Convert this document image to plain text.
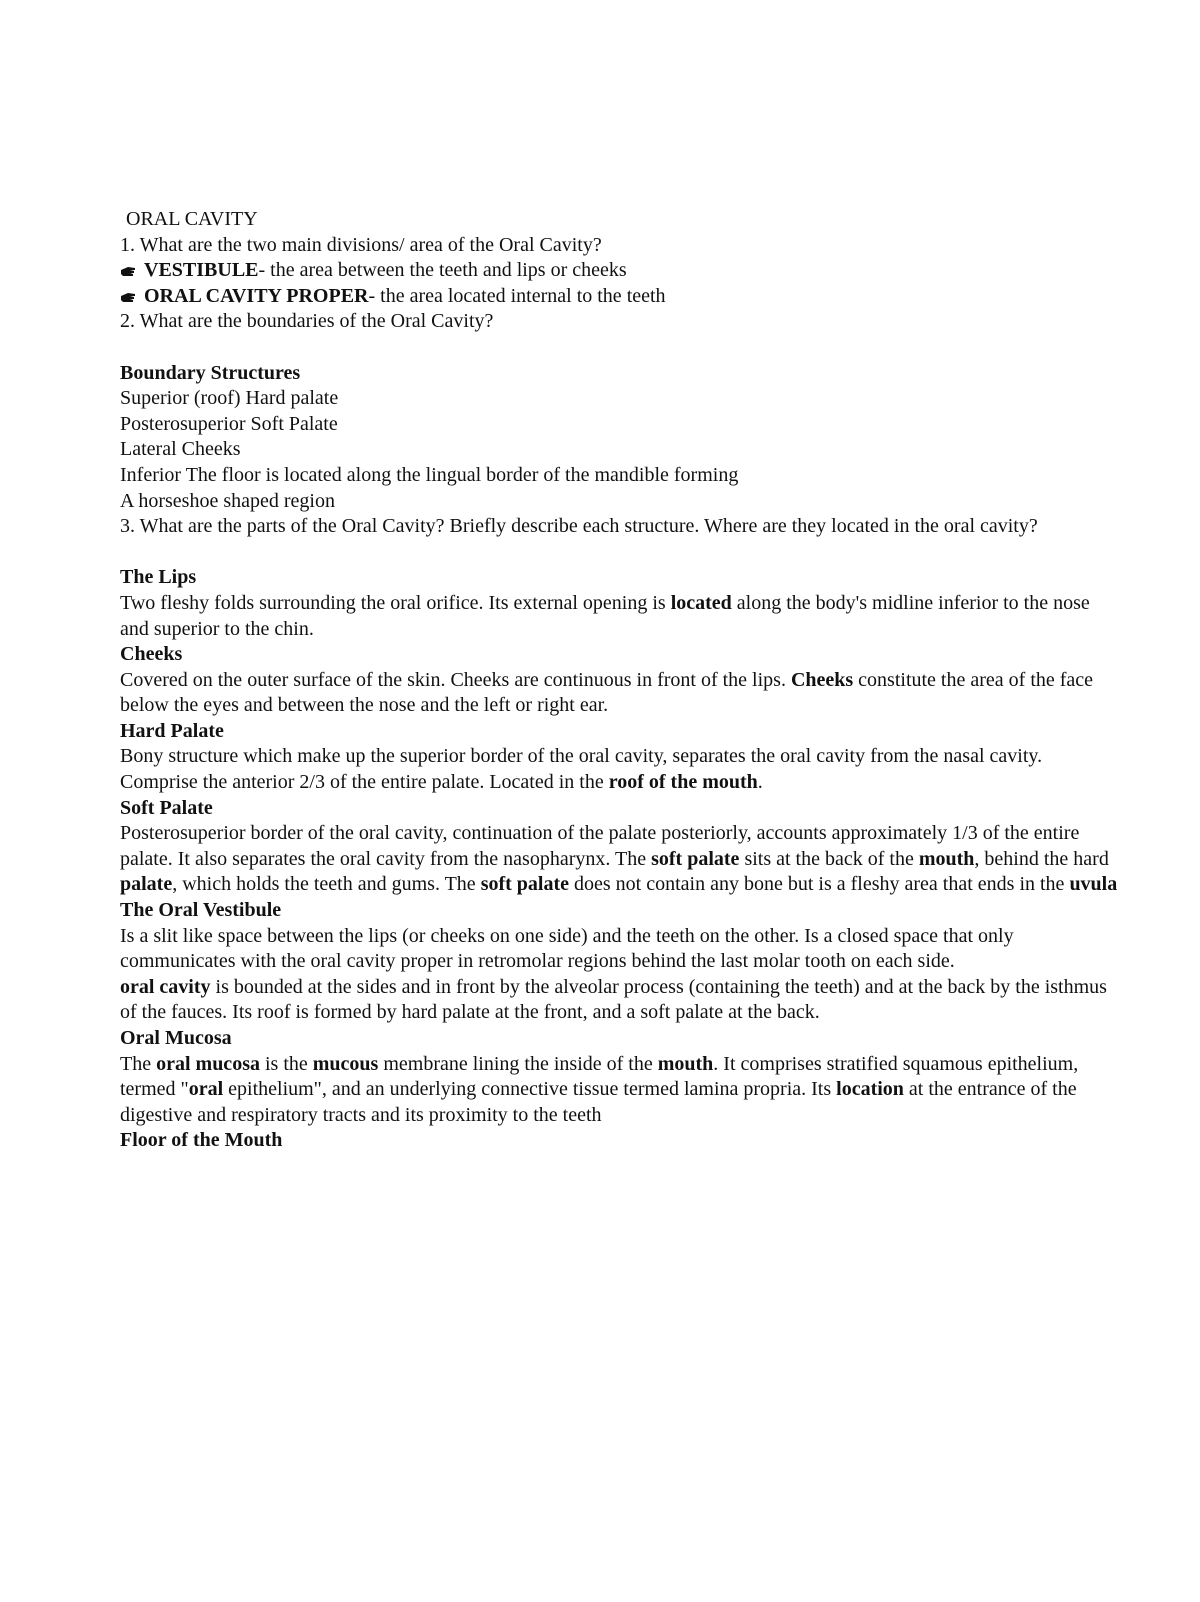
ORAL CAVITY
1. What are the two main divisions/ area of the Oral Cavity?
VESTIBULE- the area between the teeth and lips or cheeks
ORAL CAVITY PROPER- the area located internal to the teeth
2. What are the boundaries of the Oral Cavity?
Boundary Structures
Superior (roof) Hard palate
Posterosuperior Soft Palate
Lateral Cheeks
Inferior The floor is located along the lingual border of the mandible forming
A horseshoe shaped region
3. What are the parts of the Oral Cavity? Briefly describe each structure. Where are they located in the oral cavity?
The Lips
Two fleshy folds surrounding the oral orifice. Its external opening is located along the body's midline inferior to the nose and superior to the chin.
Cheeks
Covered on the outer surface of the skin. Cheeks are continuous in front of the lips. Cheeks constitute the area of the face below the eyes and between the nose and the left or right ear.
Hard Palate
Bony structure which make up the superior border of the oral cavity, separates the oral cavity from the nasal cavity. Comprise the anterior 2/3 of the entire palate. Located in the roof of the mouth.
Soft Palate
Posterosuperior border of the oral cavity, continuation of the palate posteriorly, accounts approximately 1/3 of the entire palate. It also separates the oral cavity from the nasopharynx. The soft palate sits at the back of the mouth, behind the hard palate, which holds the teeth and gums. The soft palate does not contain any bone but is a fleshy area that ends in the uvula
The Oral Vestibule
Is a slit like space between the lips (or cheeks on one side) and the teeth on the other. Is a closed space that only communicates with the oral cavity proper in retromolar regions behind the last molar tooth on each side.
oral cavity is bounded at the sides and in front by the alveolar process (containing the teeth) and at the back by the isthmus of the fauces. Its roof is formed by hard palate at the front, and a soft palate at the back.
Oral Mucosa
The oral mucosa is the mucous membrane lining the inside of the mouth. It comprises stratified squamous epithelium, termed "oral epithelium", and an underlying connective tissue termed lamina propria. Its location at the entrance of the digestive and respiratory tracts and its proximity to the teeth
Floor of the Mouth
